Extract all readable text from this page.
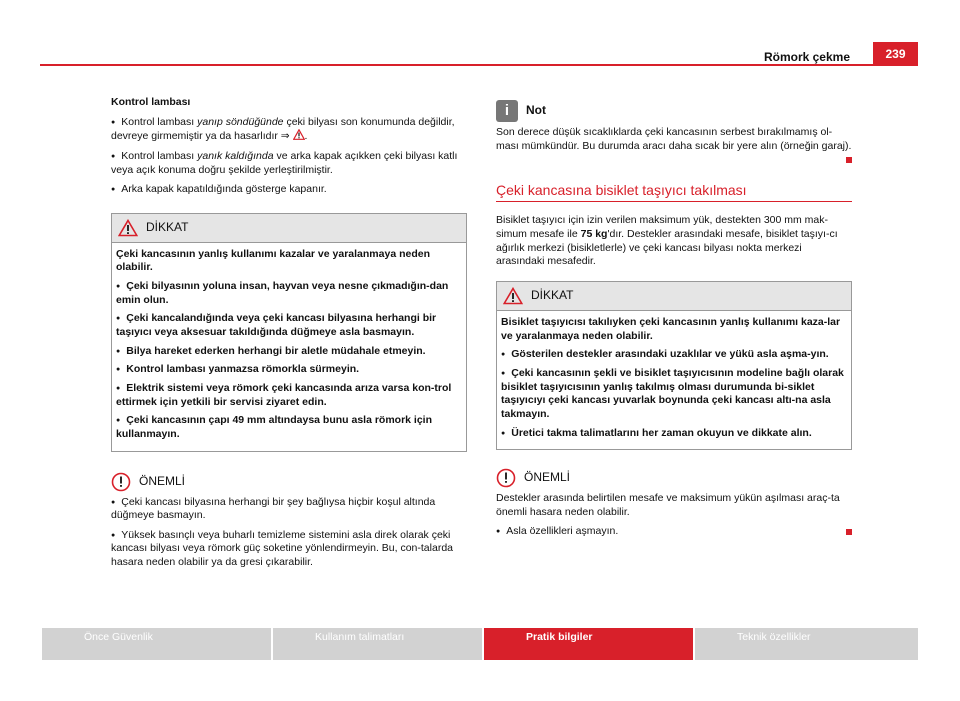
Römork çekme	239

Kontrol lambası

● Kontrol lambası yanıp söndüğünde çeki bilyası son konumunda değildir, devreye girmemiştir ya da hasarlıdır ⇒ .

● Kontrol lambası yanık kaldığında ve arka kapak açıkken çeki bilyası katlı veya açık konuma doğru şekilde yerleştirilmiştir.

● Arka kapak kapatıldığında gösterge kapanır.

DİKKAT

Çeki kancasının yanlış kullanımı kazalar ve yaralanmaya neden olabilir.

● Çeki bilyasının yoluna insan, hayvan veya nesne çıkmadığın-dan emin olun.

● Çeki kancalandığında veya çeki kancası bilyasına herhangi bir taşıyıcı veya aksesuar takıldığında düğmeye asla basmayın.

● Bilya hareket ederken herhangi bir aletle müdahale etmeyin.

● Kontrol lambası yanmazsa römorkla sürmeyin.

● Elektrik sistemi veya römork çeki kancasında arıza varsa kon-trol ettirmek için yetkili bir servisi ziyaret edin.

● Çeki kancasının çapı 49 mm altındaysa bunu asla römork için kullanmayın.

ÖNEMLİ

● Çeki kancası bilyasına herhangi bir şey bağlıysa hiçbir koşul altında düğmeye basmayın.

● Yüksek basınçlı veya buharlı temizleme sistemini asla direk olarak çeki kancası bilyası veya römork güç soketine yönlendirmeyin. Bu, con-talarda hasara neden olabilir ya da gresi çıkarabilir.

i	Not

Son derece düşük sıcaklıklarda çeki kancasının serbest bırakılmamış ol-ması mümkündür. Bu durumda aracı daha sıcak bir yere alın (örneğin garaj).

Çeki kancasına bisiklet taşıyıcı takılması

Bisiklet taşıyıcı için izin verilen maksimum yük, destekten 300 mm mak-simum mesafe ile 75 kg'dır. Destekler arasındaki mesafe, bisiklet taşıyı-cı ağırlık merkezi (bisikletlerle) ve çeki kancası bilyası nokta merkezi arasındaki mesafedir.

DİKKAT

Bisiklet taşıyıcısı takılıyken çeki kancasının yanlış kullanımı kaza-lar ve yaralanmaya neden olabilir.

● Gösterilen destekler arasındaki uzaklılar ve yükü asla aşma-yın.

● Çeki kancasının şekli ve bisiklet taşıyıcısının modeline bağlı olarak bisiklet taşıyıcısının yanlış takılmış olması durumunda bi-siklet taşıyıcıyı çeki kancası yuvarlak boynunda çeki kancası altı-na asla takmayın.

● Üretici takma talimatlarını her zaman okuyun ve dikkate alın.

ÖNEMLİ

Destekler arasında belirtilen mesafe ve maksimum yükün aşılması araç-ta önemli hasara neden olabilir.

● Asla özellikleri aşmayın.

Önce Güvenlik	Kullanım talimatları	Pratik bilgiler	Teknik özellikler
